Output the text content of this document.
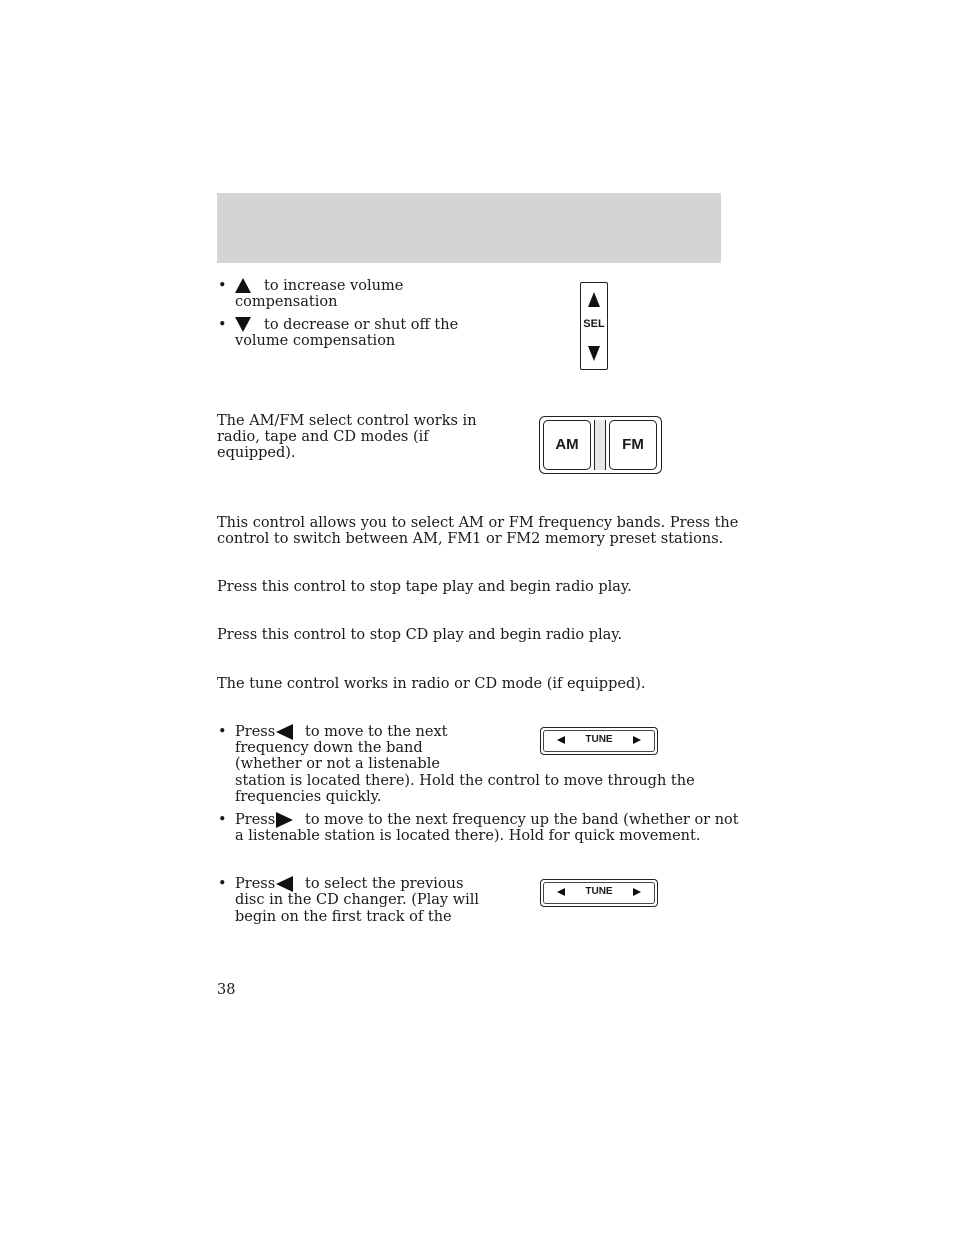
•	to increase volume
compensation
•	to decrease or shut off the
volume compensation
SEL
The AM/FM select control works in
radio, tape and CD modes (if
equipped).	AM	FM
This control allows you to select AM or FM frequency bands. Press the
control to switch between AM, FM1 or FM2 memory preset stations.
Press this control to stop tape play and begin radio play.
Press this control to stop CD play and begin radio play.
The tune control works in radio or CD mode (if equipped).
• Press to move to the next
frequency down the band
(whether or not a listenable
station is located there). Hold the control to move through the
frequencies quickly.
TUNE
• Press to move to the next frequency up the band (whether or not
a listenable station is located there). Hold for quick movement.
• Press to select the previous
disc in the CD changer. (Play will
begin on the first track of the
TUNE
38
